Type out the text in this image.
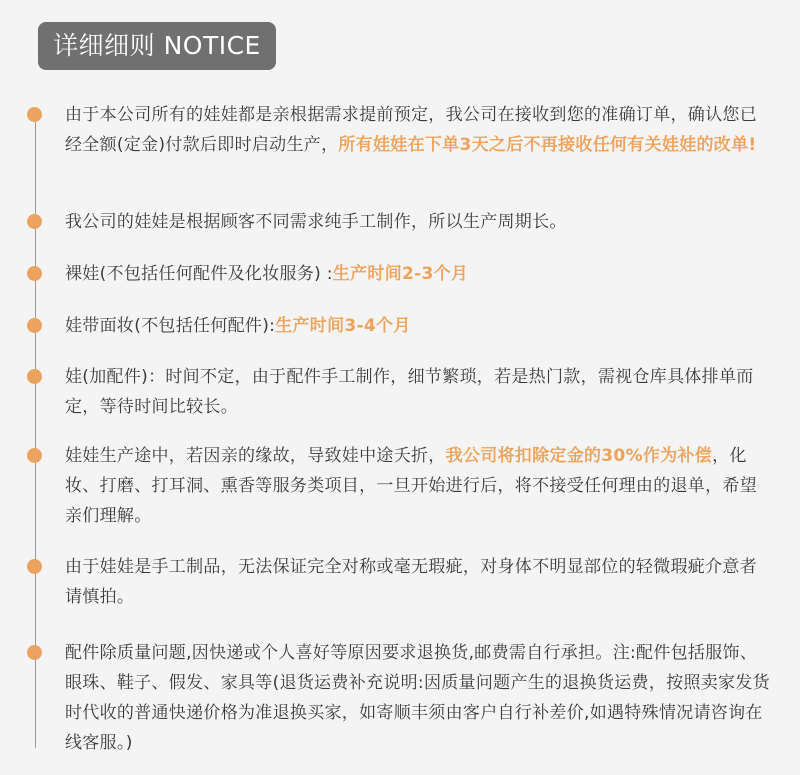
详细细则 NOTICE
由于本公司所有的娃娃都是亲根据需求提前预定，我公司在接收到您的准确订单，确认您已经全额(定金)付款后即时启动生产，所有娃娃在下单3天之后不再接收任何有关娃娃的改单!
我公司的娃娃是根据顾客不同需求纯手工制作，所以生产周期长。
裸娃(不包括任何配件及化妆服务) :生产时间2-3个月
娃带面妆(不包括任何配件):生产时间3-4个月
娃(加配件)：时间不定，由于配件手工制作，细节繁琐，若是热门款，需视仓库具体排单而定，等待时间比较长。
娃娃生产途中，若因亲的缘故，导致娃中途夭折，我公司将扣除定金的30%作为补偿，化妆、打磨、打耳洞、熏香等服务类项目，一旦开始进行后，将不接受任何理由的退单，希望亲们理解。
由于娃娃是手工制品，无法保证完全对称或毫无瑕疵，对身体不明显部位的轻微瑕疵介意者请慎拍。
配件除质量问题,因快递或个人喜好等原因要求退换货,邮费需自行承担。注:配件包括服饰、眼珠、鞋子、假发、家具等(退货运费补充说明:因质量问题产生的退换货运费，按照卖家发货时代收的普通快递价格为准退换买家，如寄顺丰须由客户自行补差价,如遇特殊情况请咨询在线客服。)
